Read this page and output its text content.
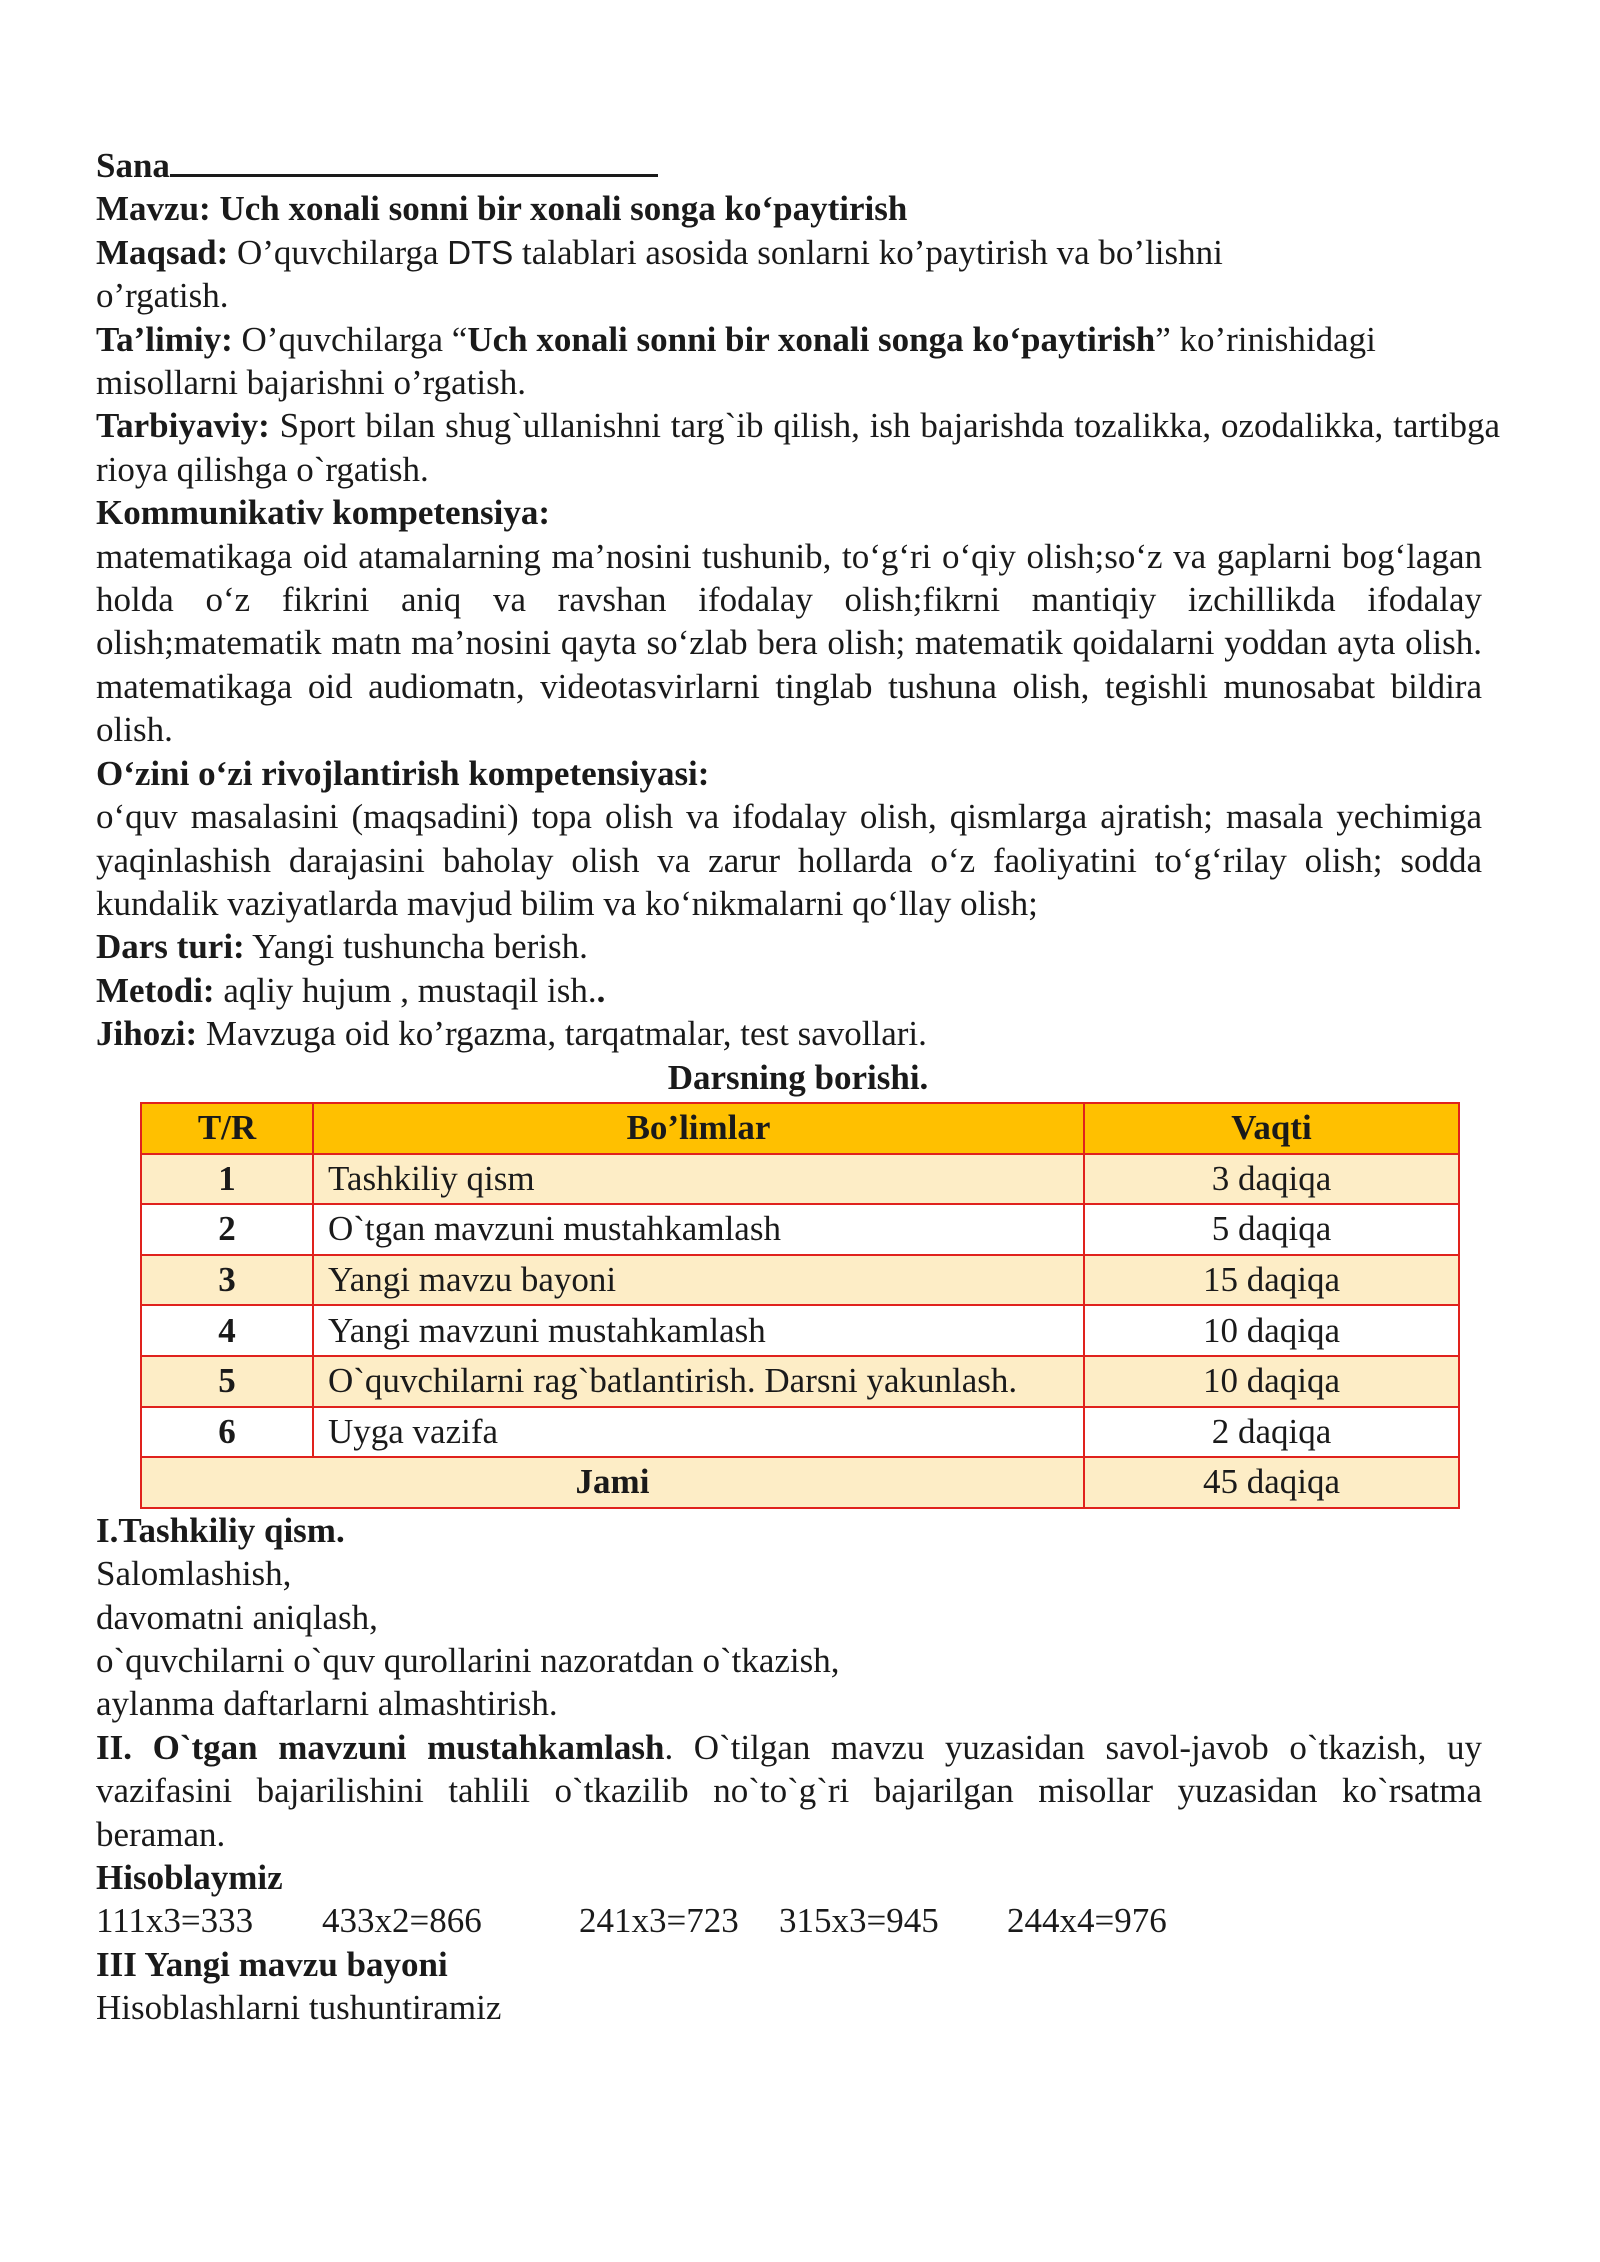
Sana

Mavzu: Uch xonali sonni bir xonali songa ko‘paytirish

Maqsad: O’quvchilarga DTS talablari asosida sonlarni ko’paytirish va bo’lishni o’rgatish.

Ta’limiy: O’quvchilarga “Uch xonali sonni bir xonali songa ko‘paytirish” ko’rinishidagi misollarni bajarishni o’rgatish.

Tarbiyaviy: Sport bilan shug`ullanishni targ`ib qilish, ish bajarishda tozalikka, ozodalikka, tartibga rioya qilishga o`rgatish.

Kommunikativ kompetensiya:

matematikaga oid atamalarning ma’nosini tushunib, to‘g‘ri o‘qiy olish;so‘z va gaplarni bog‘lagan holda o‘z fikrini aniq va ravshan ifodalay olish;fikrni mantiqiy izchillikda ifodalay olish;matematik matn ma’nosini qayta so‘zlab bera olish; matematik qoidalarni yoddan ayta olish. matematikaga oid audiomatn, videotasvirlarni tinglab tushuna olish, tegishli munosabat bildira olish.

O‘zini o‘zi rivojlantirish kompetensiyasi:

o‘quv masalasini (maqsadini) topa olish va ifodalay olish, qismlarga ajratish; masala yechimiga yaqinlashish darajasini baholay olish va zarur hollarda o‘z faoliyatini to‘g‘rilay olish; sodda kundalik vaziyatlarda mavjud bilim va ko‘nikmalarni qo‘llay olish;

Dars turi: Yangi tushuncha berish.

Metodi: aqliy hujum , mustaqil ish..

Jihozi: Mavzuga oid ko’rgazma, tarqatmalar, test savollari.

Darsning borishi.

T/R	Bo’limlar	Vaqti
1	Tashkiliy qism	3 daqiqa
2	O`tgan mavzuni mustahkamlash	5 daqiqa
3	Yangi mavzu bayoni	15 daqiqa
4	Yangi mavzuni mustahkamlash	10 daqiqa
5	O`quvchilarni rag`batlantirish. Darsni yakunlash.	10 daqiqa
6	Uyga vazifa	2 daqiqa
Jami		45 daqiqa

I.Tashkiliy qism.

Salomlashish,

davomatni aniqlash,

o`quvchilarni o`quv qurollarini nazoratdan o`tkazish,

aylanma daftarlarni almashtirish.

II. O`tgan mavzuni mustahkamlash. O`tilgan mavzu yuzasidan savol-javob o`tkazish, uy vazifasini bajarilishini tahlili o`tkazilib no`to`g`ri bajarilgan misollar yuzasidan ko`rsatma beraman.

Hisoblaymiz

111x3=333 433x2=866	241x3=723 315x3=945 244x4=976

III Yangi mavzu bayoni

Hisoblashlarni tushuntiramiz
